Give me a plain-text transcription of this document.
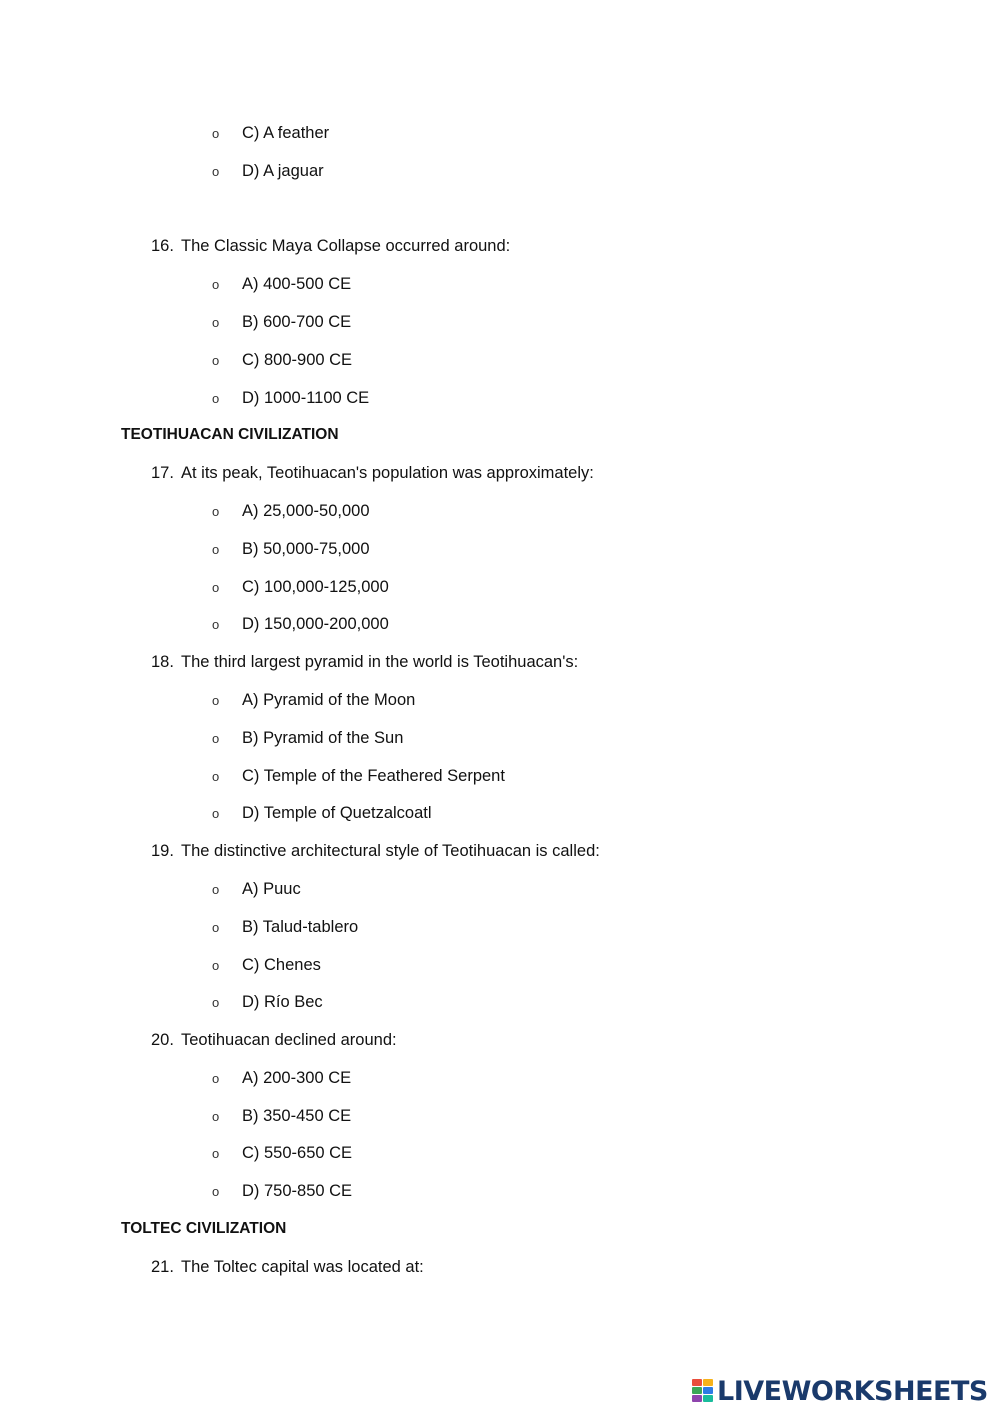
o C) A feather
o D) A jaguar
16. The Classic Maya Collapse occurred around:
o A) 400-500 CE
o B) 600-700 CE
o C) 800-900 CE
o D) 1000-1100 CE
TEOTIHUACAN CIVILIZATION
17. At its peak, Teotihuacan's population was approximately:
o A) 25,000-50,000
o B) 50,000-75,000
o C) 100,000-125,000
o D) 150,000-200,000
18. The third largest pyramid in the world is Teotihuacan's:
o A) Pyramid of the Moon
o B) Pyramid of the Sun
o C) Temple of the Feathered Serpent
o D) Temple of Quetzalcoatl
19. The distinctive architectural style of Teotihuacan is called:
o A) Puuc
o B) Talud-tablero
o C) Chenes
o D) Río Bec
20. Teotihuacan declined around:
o A) 200-300 CE
o B) 350-450 CE
o C) 550-650 CE
o D) 750-850 CE
TOLTEC CIVILIZATION
21. The Toltec capital was located at:
LIVEWORKSHEETS
